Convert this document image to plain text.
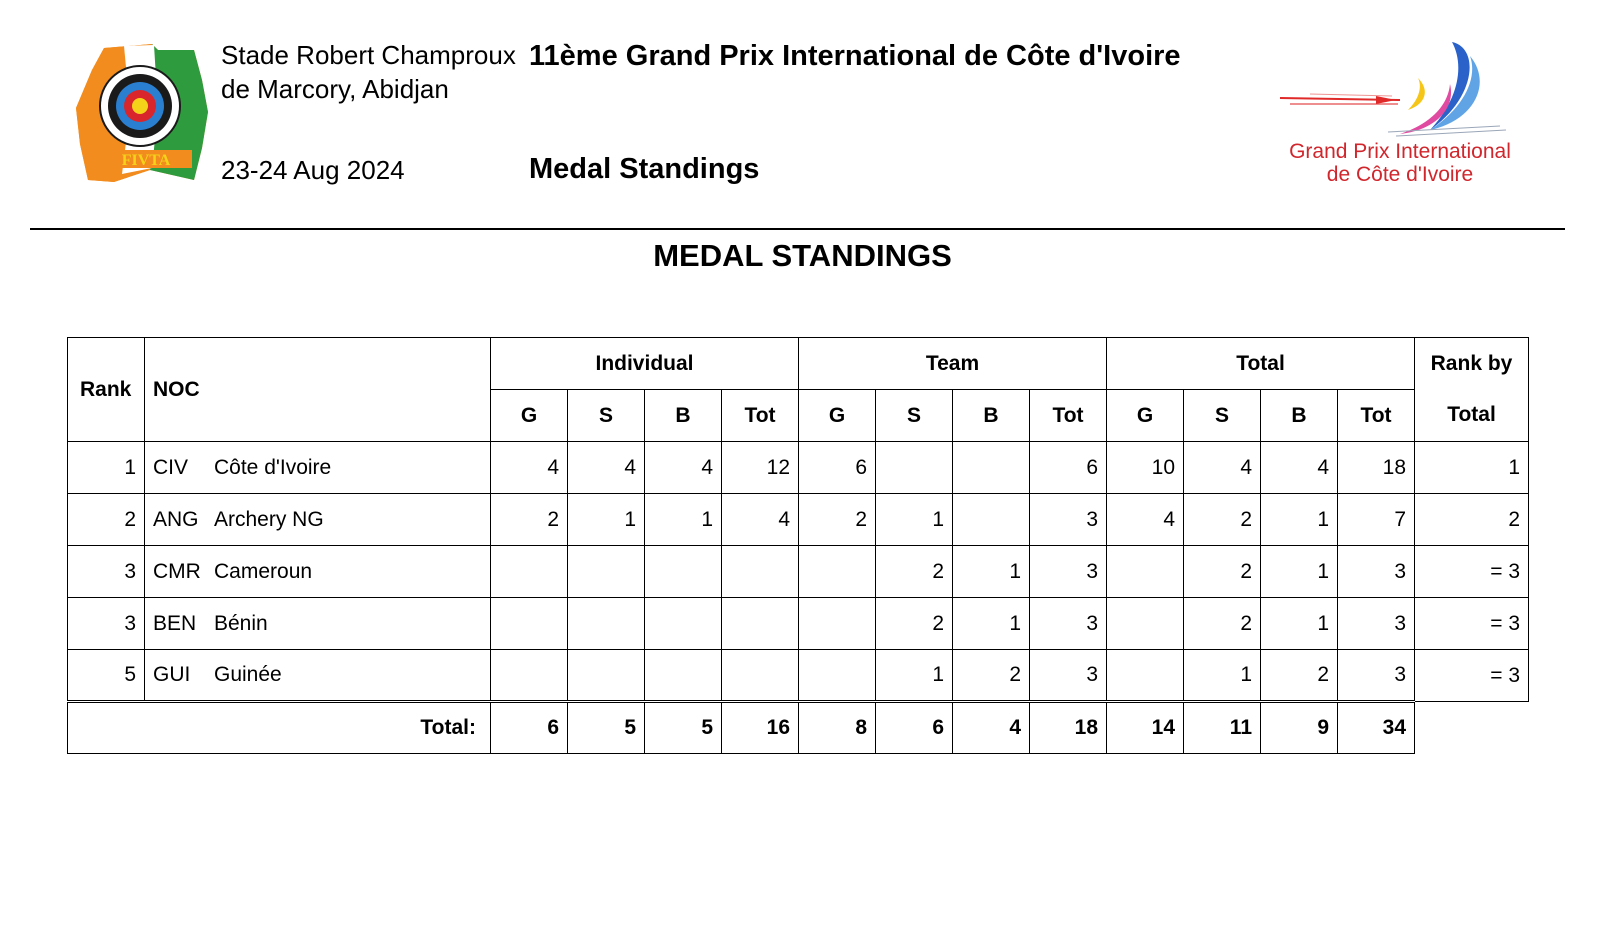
FIVTA
Stade Robert Champroux
de Marcory, Abidjan
23-24 Aug 2024
11ème Grand Prix International de Côte d'Ivoire
Medal Standings
Grand Prix International
de Côte d'Ivoire
MEDAL STANDINGS
Rank	NOC	Individual				Team				Total				Rank by
		G	S	B	Tot	G	S	B	Tot	G	S	B	Tot	Total
1	CIV Côte d'Ivoire	4	4	4	12	6			6	10	4	4	18	1
2	ANG Archery NG	2	1	1	4	2	1		3	4	2	1	7	2
3	CMR Cameroun						2	1	3		2	1	3	= 3
3	BEN Bénin						2	1	3		2	1	3	= 3
5	GUI Guinée						1	2	3		1	2	3	= 3
Total:		6	5	5	16	8	6	4	18	14	11	9	34	
